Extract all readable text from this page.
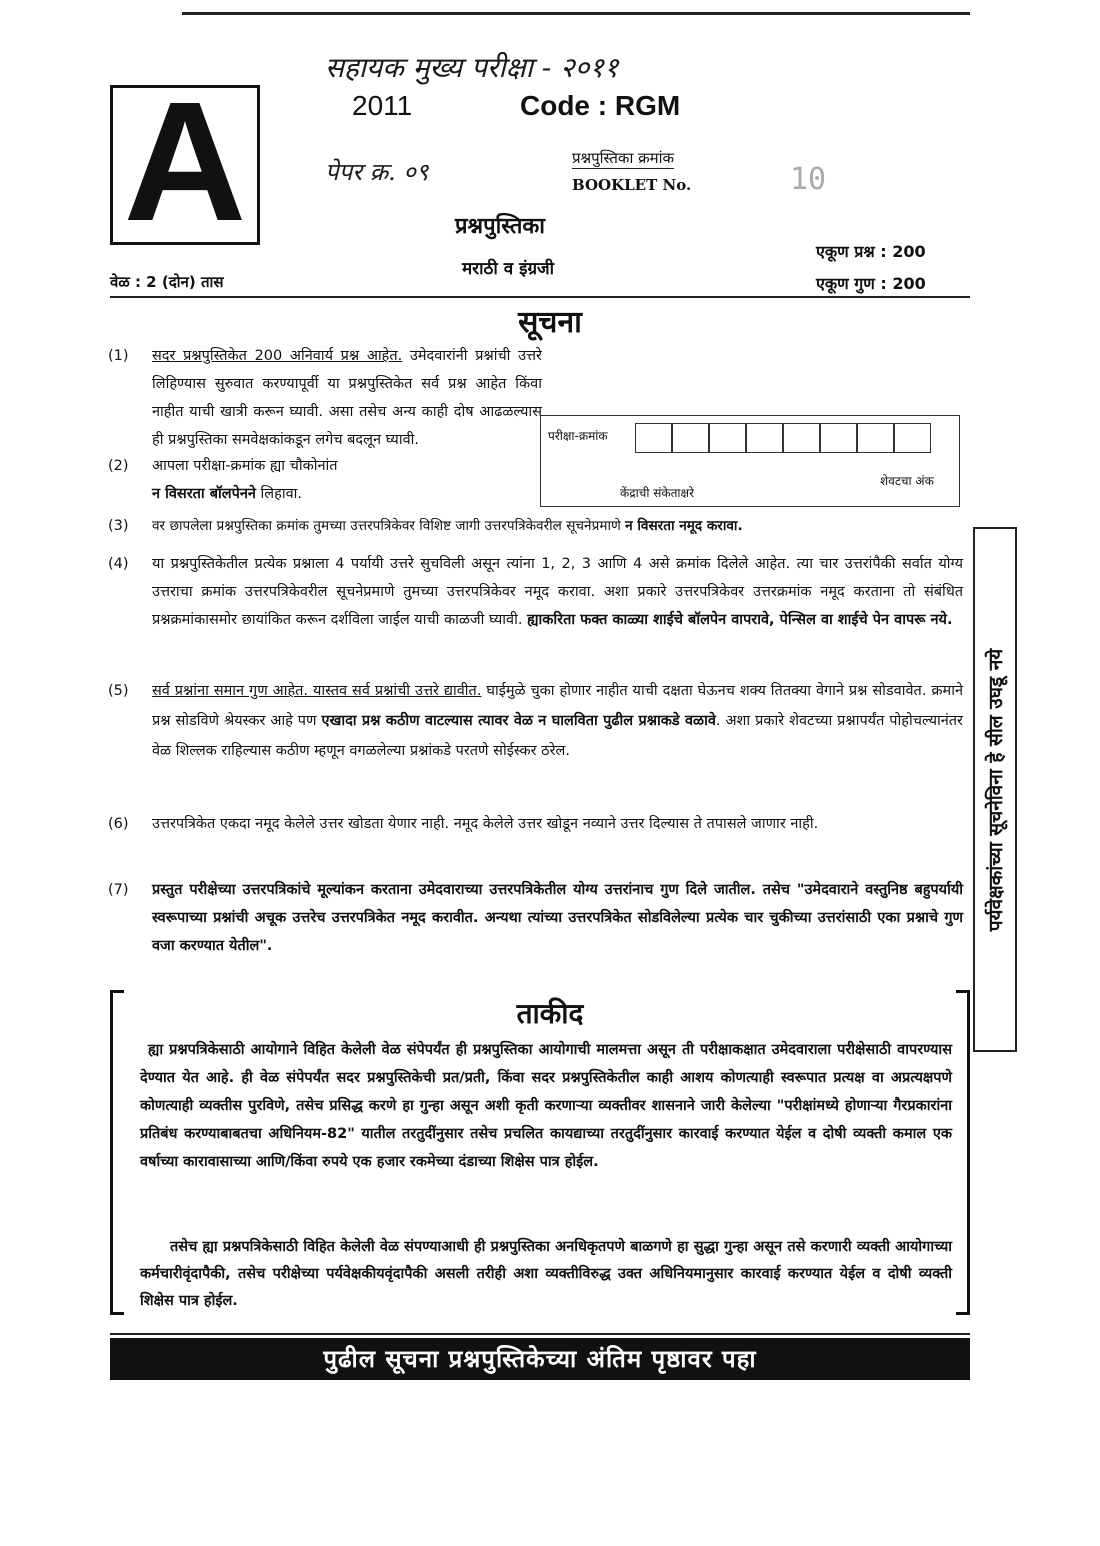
सहायक मुख्य परीक्षा - २०११
2011	Code : RGM
A	पेपर क्र. ०९	प्रश्नपुस्तिका क्रमांक
BOOKLET No.	10
प्रश्नपुस्तिका
मराठी व इंग्रजी
वेळ : 2 (दोन) तास
एकूण प्रश्न : 200
एकूण गुण : 200
सूचना
(1)	सदर प्रश्नपुस्तिकेत 200 अनिवार्य प्रश्न आहेत. उमेदवारांनी प्रश्नांची उत्तरे लिहिण्यास सुरुवात करण्यापूर्वी या प्रश्नपुस्तिकेत सर्व प्रश्न आहेत किंवा नाहीत याची खात्री करून घ्यावी. असा तसेच अन्य काही दोष आढळल्यास ही प्रश्नपुस्तिका समवेक्षकांकडून लगेच बदलून घ्यावी.	परीक्षा-क्रमांक
केंद्राची संकेताक्षरे
शेवटचा अंक
(2)	आपला परीक्षा-क्रमांक ह्या चौकोनांत
न विसरता बॉलपेनने लिहावा.
(3)	वर छापलेला प्रश्नपुस्तिका क्रमांक तुमच्या उत्तरपत्रिकेवर विशिष्ट जागी उत्तरपत्रिकेवरील सूचनेप्रमाणे न विसरता नमूद करावा.
(4)	या प्रश्नपुस्तिकेतील प्रत्येक प्रश्नाला 4 पर्यायी उत्तरे सुचविली असून त्यांना 1, 2, 3 आणि 4 असे क्रमांक दिलेले आहेत. त्या चार उत्तरांपैकी सर्वात योग्य उत्तराचा क्रमांक उत्तरपत्रिकेवरील सूचनेप्रमाणे तुमच्या उत्तरपत्रिकेवर नमूद करावा. अशा प्रकारे उत्तरपत्रिकेवर उत्तरक्रमांक नमूद करताना तो संबंधित प्रश्नक्रमांकासमोर छायांकित करून दर्शविला जाईल याची काळजी घ्यावी. ह्याकरिता फक्त काळ्या शाईचे बॉलपेन वापरावे, पेन्सिल वा शाईचे पेन वापरू नये.
(5)	सर्व प्रश्नांना समान गुण आहेत. यास्तव सर्व प्रश्नांची उत्तरे द्यावीत. घाईमुळे चुका होणार नाहीत याची दक्षता घेऊनच शक्य तितक्या वेगाने प्रश्न सोडवावेत. क्रमाने प्रश्न सोडविणे श्रेयस्कर आहे पण एखादा प्रश्न कठीण वाटल्यास त्यावर वेळ न घालविता पुढील प्रश्नाकडे वळावे. अशा प्रकारे शेवटच्या प्रश्नापर्यंत पोहोचल्यानंतर वेळ शिल्लक राहिल्यास कठीण म्हणून वगळलेल्या प्रश्नांकडे परतणे सोईस्कर ठरेल.
(6)	उत्तरपत्रिकेत एकदा नमूद केलेले उत्तर खोडता येणार नाही. नमूद केलेले उत्तर खोडून नव्याने उत्तर दिल्यास ते तपासले जाणार नाही.
(7)	प्रस्तुत परीक्षेच्या उत्तरपत्रिकांचे मूल्यांकन करताना उमेदवाराच्या उत्तरपत्रिकेतील योग्य उत्तरांनाच गुण दिले जातील. तसेच "उमेदवाराने वस्तुनिष्ठ बहुपर्यायी स्वरूपाच्या प्रश्नांची अचूक उत्तरेच उत्तरपत्रिकेत नमूद करावीत. अन्यथा त्यांच्या उत्तरपत्रिकेत सोडविलेल्या प्रत्येक चार चुकीच्या उत्तरांसाठी एका प्रश्नाचे गुण वजा करण्यात येतील".
पर्यवेक्षकांच्या सूचनेविना हे सील उघडू नये
ताकीद
ह्या प्रश्नपत्रिकेसाठी आयोगाने विहित केलेली वेळ संपेपर्यंत ही प्रश्नपुस्तिका आयोगाची मालमत्ता असून ती परीक्षाकक्षात उमेदवाराला परीक्षेसाठी वापरण्यास देण्यात येत आहे. ही वेळ संपेपर्यंत सदर प्रश्नपुस्तिकेची प्रत/प्रती, किंवा सदर प्रश्नपुस्तिकेतील काही आशय कोणत्याही स्वरूपात प्रत्यक्ष वा अप्रत्यक्षपणे कोणत्याही व्यक्तीस पुरविणे, तसेच प्रसिद्ध करणे हा गुन्हा असून अशी कृती करणाऱ्या व्यक्तीवर शासनाने जारी केलेल्या "परीक्षांमध्ये होणाऱ्या गैरप्रकारांना प्रतिबंध करण्याबाबतचा अधिनियम-82" यातील तरतुदींनुसार तसेच प्रचलित कायद्याच्या तरतुदींनुसार कारवाई करण्यात येईल व दोषी व्यक्ती कमाल एक वर्षाच्या कारावासाच्या आणि/किंवा रुपये एक हजार रकमेच्या दंडाच्या शिक्षेस पात्र होईल.
तसेच ह्या प्रश्नपत्रिकेसाठी विहित केलेली वेळ संपण्याआधी ही प्रश्नपुस्तिका अनधिकृतपणे बाळगणे हा सुद्धा गुन्हा असून तसे करणारी व्यक्ती आयोगाच्या कर्मचारीवृंदापैकी, तसेच परीक्षेच्या पर्यवेक्षकीयवृंदापैकी असली तरीही अशा व्यक्तीविरुद्ध उक्त अधिनियमानुसार कारवाई करण्यात येईल व दोषी व्यक्ती शिक्षेस पात्र होईल.
पुढील सूचना प्रश्नपुस्तिकेच्या अंतिम पृष्ठावर पहा
